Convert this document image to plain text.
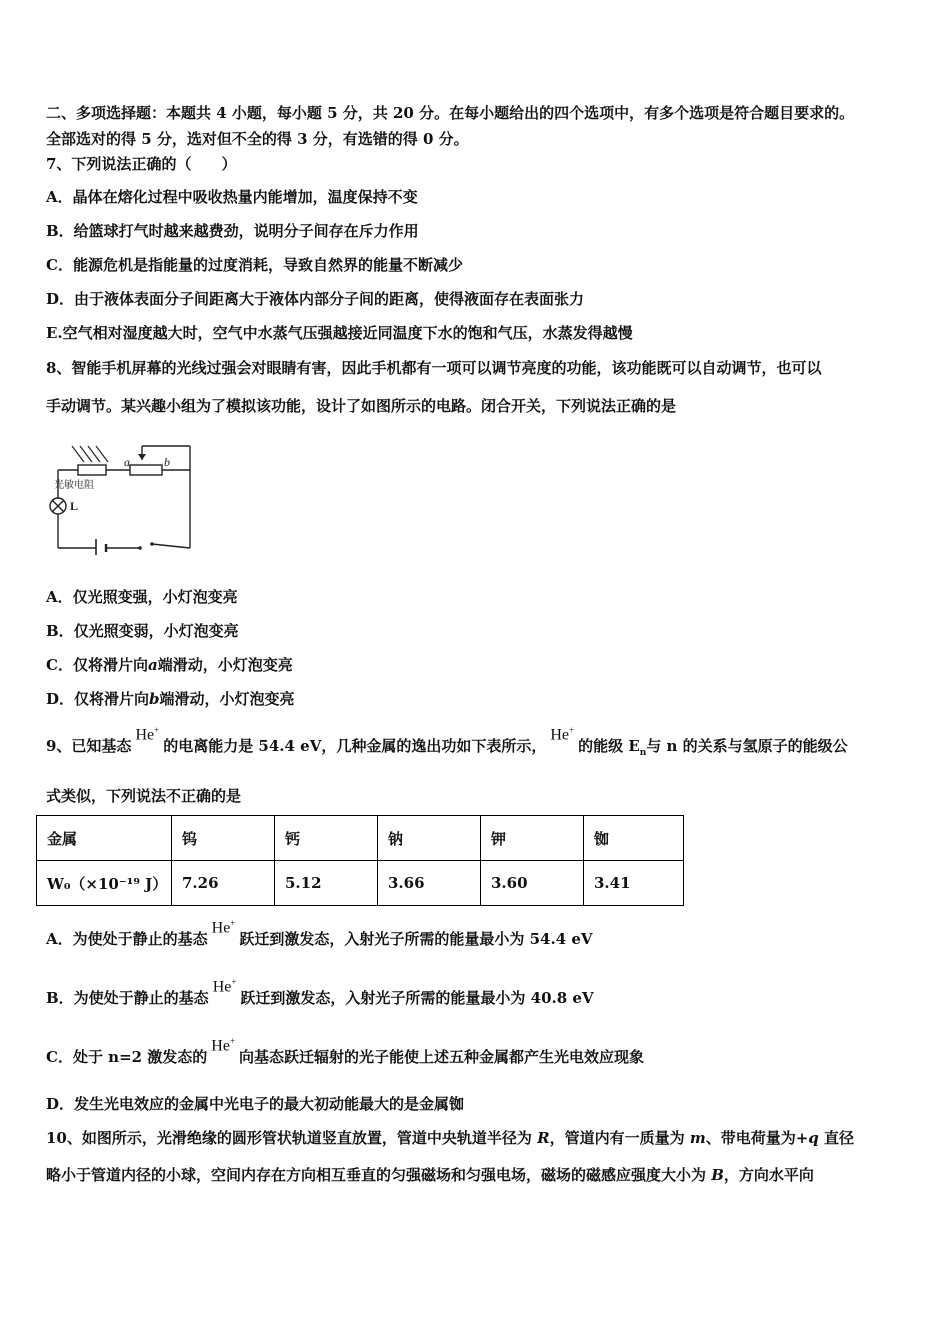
二、多项选择题：本题共 4 小题，每小题 5 分，共 20 分。在每小题给出的四个选项中，有多个选项是符合题目要求的。
全部选对的得 5 分，选对但不全的得 3 分，有选错的得 0 分。
7、下列说法正确的（　　）
A．晶体在熔化过程中吸收热量内能增加，温度保持不变
B．给篮球打气时越来越费劲，说明分子间存在斥力作用
C．能源危机是指能量的过度消耗，导致自然界的能量不断减少
D．由于液体表面分子间距离大于液体内部分子间的距离，使得液面存在表面张力
E.空气相对湿度越大时，空气中水蒸气压强越接近同温度下水的饱和气压，水蒸发得越慢
8、智能手机屏幕的光线过强会对眼睛有害，因此手机都有一项可以调节亮度的功能，该功能既可以自动调节，也可以
手动调节。某兴趣小组为了模拟该功能，设计了如图所示的电路。闭合开关，下列说法正确的是
光敏电阻
L
a	b
A．仅光照变强，小灯泡变亮
B．仅光照变弱，小灯泡变亮
C．仅将滑片向a端滑动，小灯泡变亮
D．仅将滑片向b端滑动，小灯泡变亮
9、已知基态He+的电离能力是 54.4 eV，几种金属的逸出功如下表所示，He+的能级 $E_n$与 n 的关系与氢原子的能级公
式类似，下列说法不正确的是
金属	钨	钙	钠	钾	铷
W₀（×10⁻¹⁹ J）	7.26	5.12	3.66	3.60	3.41
A．为使处于静止的基态He+跃迁到激发态，入射光子所需的能量最小为 54.4 eV
B．为使处于静止的基态He+跃迁到激发态，入射光子所需的能量最小为 40.8 eV
C．处于 n=2 激发态的He+向基态跃迁辐射的光子能使上述五种金属都产生光电效应现象
D．发生光电效应的金属中光电子的最大初动能最大的是金属铷
10、如图所示，光滑绝缘的圆形管状轨道竖直放置，管道中央轨道半径为 R，管道内有一质量为 m、带电荷量为+q 直径
略小于管道内径的小球，空间内存在方向相互垂直的匀强磁场和匀强电场，磁场的磁感应强度大小为 B，方向水平向
